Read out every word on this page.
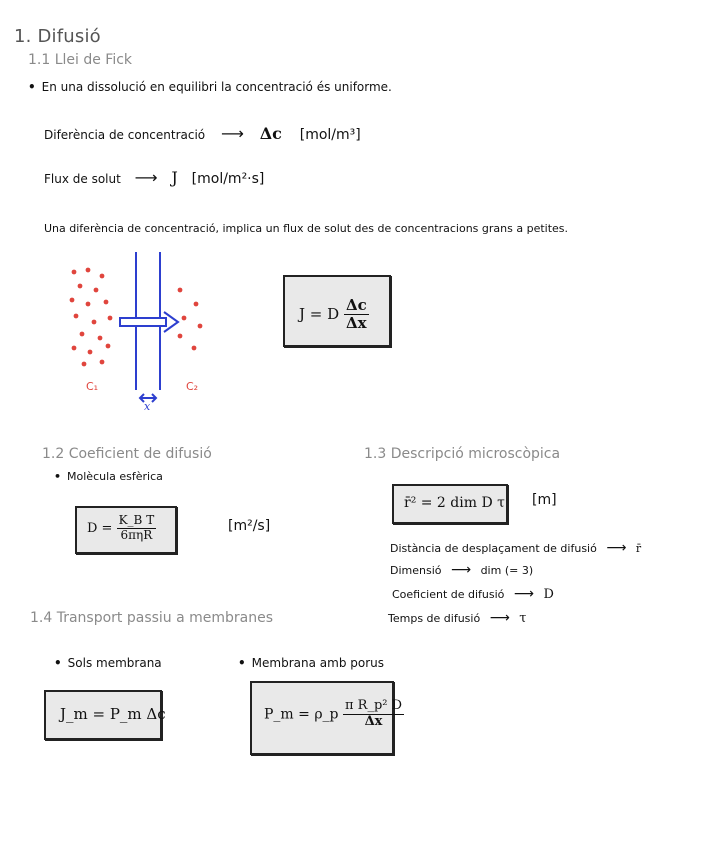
1. Difusió
1.1 Llei de Fick
• En una dissolució en equilibri la concentració és uniforme.
Diferència de concentració ⟶ Δc [mol/m³]
Flux de solut ⟶ J [mol/m²·s]
Una diferència de concentració, implica un flux de solut des de concentracions grans a petites.
C₁	C₂
x
J = D $\frac{\Delta c}{\Delta x}$
1.2 Coeficient de difusió
• Molècula esfèrica
$D = \frac{\text{K\_B T}}{\text{6πηR}}$	[m²/s]
1.3 Descripció microscòpica
r̄² = 2 dim D τ [m]
Distància de desplaçament de difusió ⟶ r̄
Dimensió ⟶ dim (= 3)
Coeficient de difusió ⟶ D
Temps de difusió ⟶ τ
1.4 Transport passiu a membranes
• Sols membrana	• Membrana amb porus
J_m = P_m Δc	P_m = ρ_p $\frac{\text{π R\_p² D}}{\Delta x}$
